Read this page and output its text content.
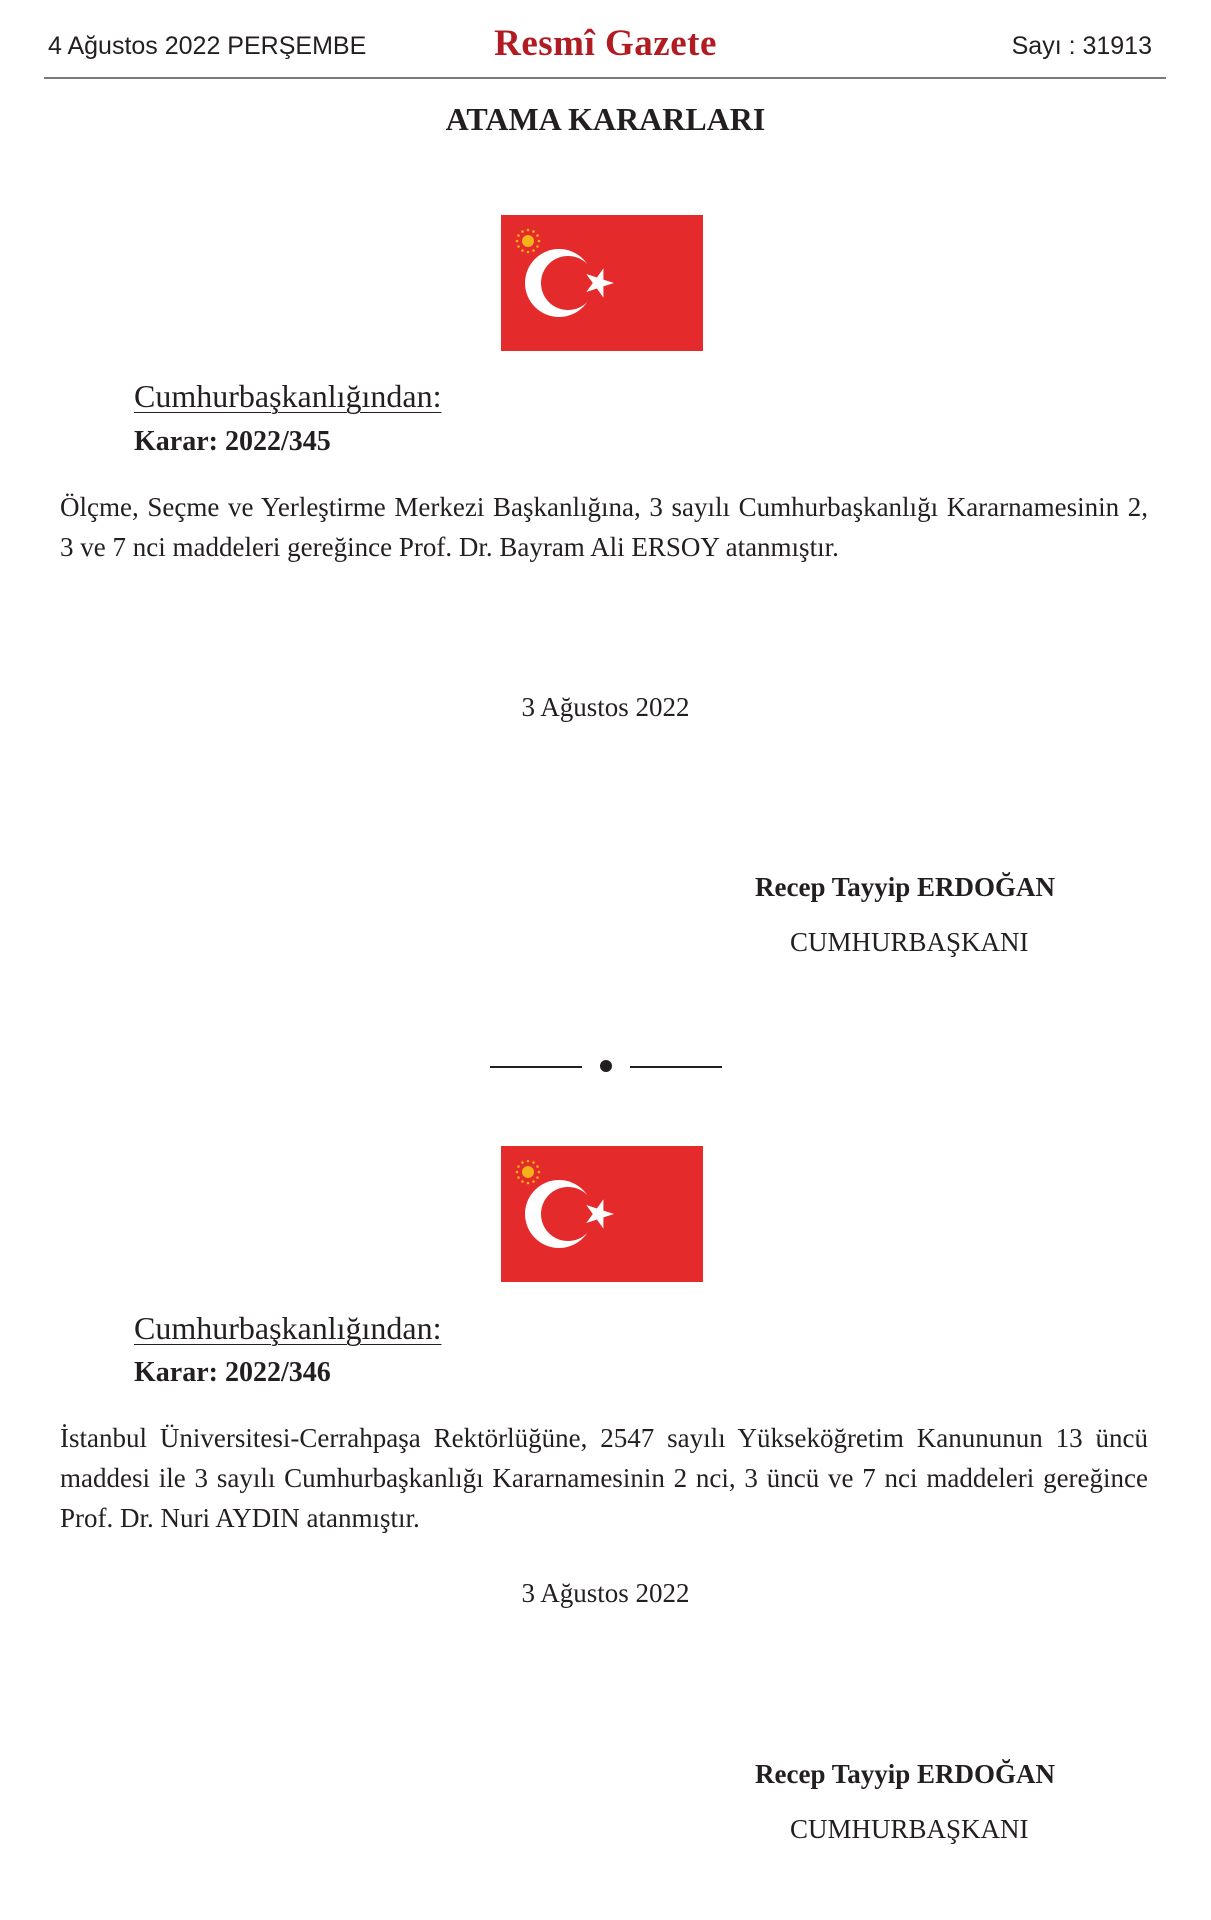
4 Ağustos 2022 PERŞEMBE	Resmî Gazete	Sayı : 31913
ATAMA KARARLARI
Cumhurbaşkanlığından:
Karar: 2022/345
Ölçme, Seçme ve Yerleştirme Merkezi Başkanlığına, 3 sayılı Cumhurbaşkanlığı Kararnamesinin 2, 3 ve 7 nci maddeleri gereğince Prof. Dr. Bayram Ali ERSOY atanmıştır.
3 Ağustos 2022
Recep Tayyip ERDOĞAN
CUMHURBAŞKANI
Cumhurbaşkanlığından:
Karar: 2022/346
İstanbul Üniversitesi-Cerrahpaşa Rektörlüğüne, 2547 sayılı Yükseköğretim Kanununun 13 üncü maddesi ile 3 sayılı Cumhurbaşkanlığı Kararnamesinin 2 nci, 3 üncü ve 7 nci maddeleri gereğince Prof. Dr. Nuri AYDIN atanmıştır.
3 Ağustos 2022
Recep Tayyip ERDOĞAN
CUMHURBAŞKANI
